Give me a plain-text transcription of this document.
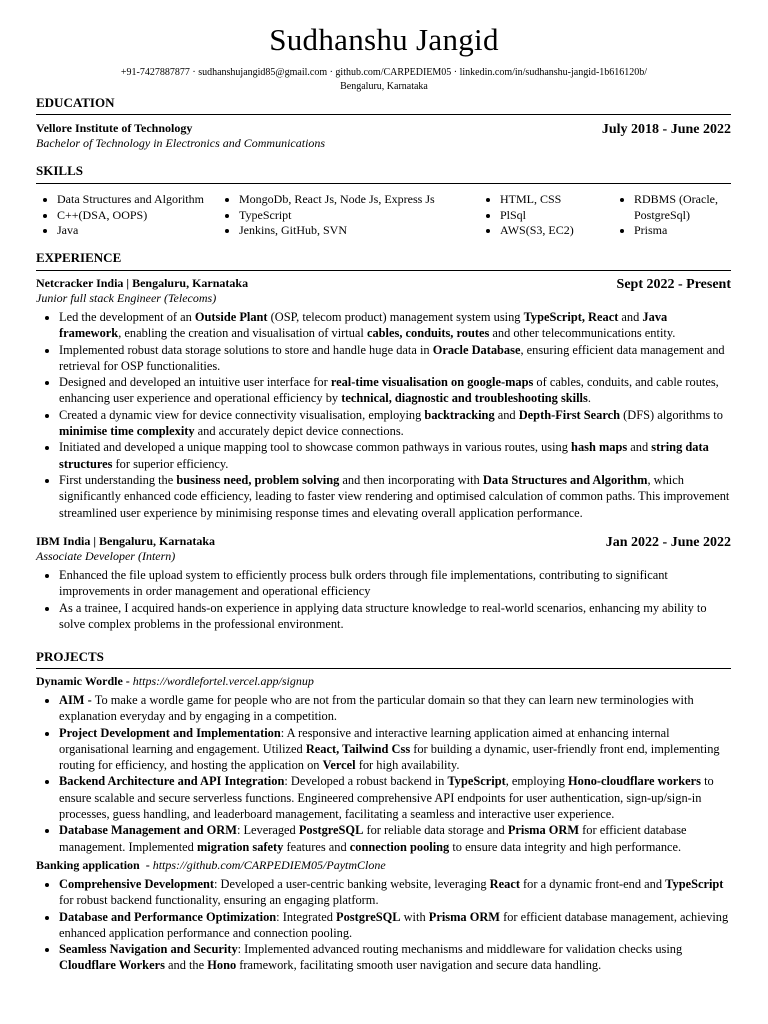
Sudhanshu Jangid
+91-7427887877 · sudhanshujangid85@gmail.com · github.com/CARPEDIEM05 · linkedin.com/in/sudhanshu-jangid-1b616120b/
Bengaluru, Karnataka
EDUCATION
Vellore Institute of Technology	July 2018 - June 2022
Bachelor of Technology in Electronics and Communications
SKILLS
• Data Structures and Algorithm
• C++(DSA, OOPS)
• Java
• MongoDb, React Js, Node Js, Express Js
• TypeScript
• Jenkins, GitHub, SVN
• HTML, CSS
• PlSql
• AWS(S3, EC2)
• RDBMS (Oracle, PostgreSql)
• Prisma
EXPERIENCE
Netcracker India | Bengaluru, Karnataka	Sept 2022 - Present
Junior full stack Engineer (Telecoms)
• Led the development of an Outside Plant (OSP, telecom product) management system using TypeScript, React and Java framework, enabling the creation and visualisation of virtual cables, conduits, routes and other telecommunications entity.
• Implemented robust data storage solutions to store and handle huge data in Oracle Database, ensuring efficient data management and retrieval for OSP functionalities.
• Designed and developed an intuitive user interface for real-time visualisation on google-maps of cables, conduits, and cable routes, enhancing user experience and operational efficiency by technical, diagnostic and troubleshooting skills.
• Created a dynamic view for device connectivity visualisation, employing backtracking and Depth-First Search (DFS) algorithms to minimise time complexity and accurately depict device connections.
• Initiated and developed a unique mapping tool to showcase common pathways in various routes, using hash maps and string data structures for superior efficiency.
• First understanding the business need, problem solving and then incorporating with Data Structures and Algorithm, which significantly enhanced code efficiency, leading to faster view rendering and optimised calculation of common paths. This improvement streamlined user experience by minimising response times and elevating overall application performance.
IBM India | Bengaluru, Karnataka	Jan 2022 - June 2022
Associate Developer (Intern)
• Enhanced the file upload system to efficiently process bulk orders through file implementations, contributing to significant improvements in order management and operational efficiency
• As a trainee, I acquired hands-on experience in applying data structure knowledge to real-world scenarios, enhancing my ability to solve complex problems in the professional environment.
PROJECTS
Dynamic Wordle - https://wordlefortel.vercel.app/signup
• AIM - To make a wordle game for people who are not from the particular domain so that they can learn new terminologies with explanation everyday and by engaging in a competition.
• Project Development and Implementation: A responsive and interactive learning application aimed at enhancing internal organisational learning and engagement. Utilized React, Tailwind Css for building a dynamic, user-friendly front end, implementing routing for efficiency, and hosting the application on Vercel for high availability.
• Backend Architecture and API Integration: Developed a robust backend in TypeScript, employing Hono-cloudflare workers to ensure scalable and secure serverless functions. Engineered comprehensive API endpoints for user authentication, sign-up/sign-in processes, guess handling, and leaderboard management, facilitating a seamless and interactive user experience.
• Database Management and ORM: Leveraged PostgreSQL for reliable data storage and Prisma ORM for efficient database management. Implemented migration safety features and connection pooling to ensure data integrity and high performance.
Banking application  - https://github.com/CARPEDIEM05/PaytmClone
• Comprehensive Development: Developed a user-centric banking website, leveraging React for a dynamic front-end and TypeScript for robust backend functionality, ensuring an engaging platform.
• Database and Performance Optimization: Integrated PostgreSQL with Prisma ORM for efficient database management, achieving enhanced application performance and connection pooling.
• Seamless Navigation and Security: Implemented advanced routing mechanisms and middleware for validation checks using Cloudflare Workers and the Hono framework, facilitating smooth user navigation and secure data handling.
